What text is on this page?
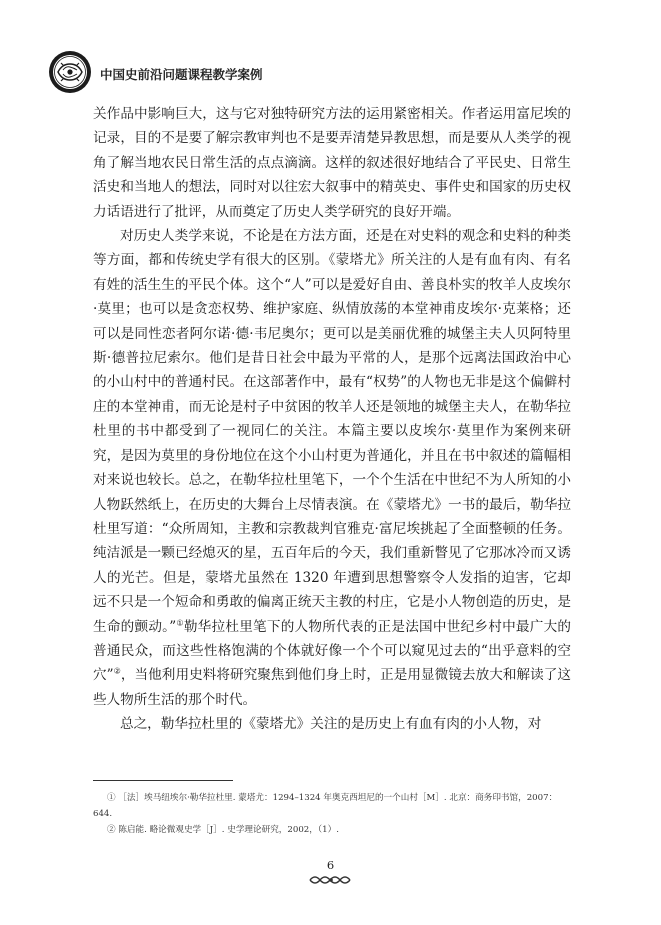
中国史前沿问题课程教学案例

关作品中影响巨大，这与它对独特研究方法的运用紧密相关。作者运用富尼埃的记录，目的不是要了解宗教审判也不是要弄清楚异教思想，而是要从人类学的视角了解当地农民日常生活的点点滴滴。这样的叙述很好地结合了平民史、日常生活史和当地人的想法，同时对以往宏大叙事中的精英史、事件史和国家的历史权力话语进行了批评，从而奠定了历史人类学研究的良好开端。

对历史人类学来说，不论是在方法方面，还是在对史料的观念和史料的种类等方面，都和传统史学有很大的区别。《蒙塔尤》所关注的人是有血有肉、有名有姓的活生生的平民个体。这个“人”可以是爱好自由、善良朴实的牧羊人皮埃尔·莫里；也可以是贪恋权势、维护家庭、纵情放荡的本堂神甫皮埃尔·克莱格；还可以是同性恋者阿尔诺·德·韦尼奥尔；更可以是美丽优雅的城堡主夫人贝阿特里斯·德普拉尼索尔。他们是昔日社会中最为平常的人，是那个远离法国政治中心的小山村中的普通村民。在这部著作中，最有“权势”的人物也无非是这个偏僻村庄的本堂神甫，而无论是村子中贫困的牧羊人还是领地的城堡主夫人，在勒华拉杜里的书中都受到了一视同仁的关注。本篇主要以皮埃尔·莫里作为案例来研究，是因为莫里的身份地位在这个小山村更为普通化，并且在书中叙述的篇幅相对来说也较长。总之，在勒华拉杜里笔下，一个个生活在中世纪不为人所知的小人物跃然纸上，在历史的大舞台上尽情表演。在《蒙塔尤》一书的最后，勒华拉杜里写道：“众所周知，主教和宗教裁判官雅克·富尼埃挑起了全面整顿的任务。纯洁派是一颗已经熄灭的星，五百年后的今天，我们重新瞥见了它那冰冷而又诱人的光芒。但是，蒙塔尤虽然在 1320 年遭到思想警察令人发指的迫害，它却远不只是一个短命和勇敢的偏离正统天主教的村庄，它是小人物创造的历史，是生命的颤动。”①勒华拉杜里笔下的人物所代表的正是法国中世纪乡村中最广大的普通民众，而这些性格饱满的个体就好像一个个可以窥见过去的“出乎意料的空穴”②，当他利用史料将研究聚焦到他们身上时，正是用显微镜去放大和解读了这些人物所生活的那个时代。

总之，勒华拉杜里的《蒙塔尤》关注的是历史上有血有肉的小人物，对

① ［法］埃马纽埃尔·勒华拉杜里. 蒙塔尤：1294–1324 年奥克西坦尼的一个山村［M］. 北京：商务印书馆，2007：644.

② 陈启能. 略论微观史学［J］. 史学理论研究，2002，（1）.

6
